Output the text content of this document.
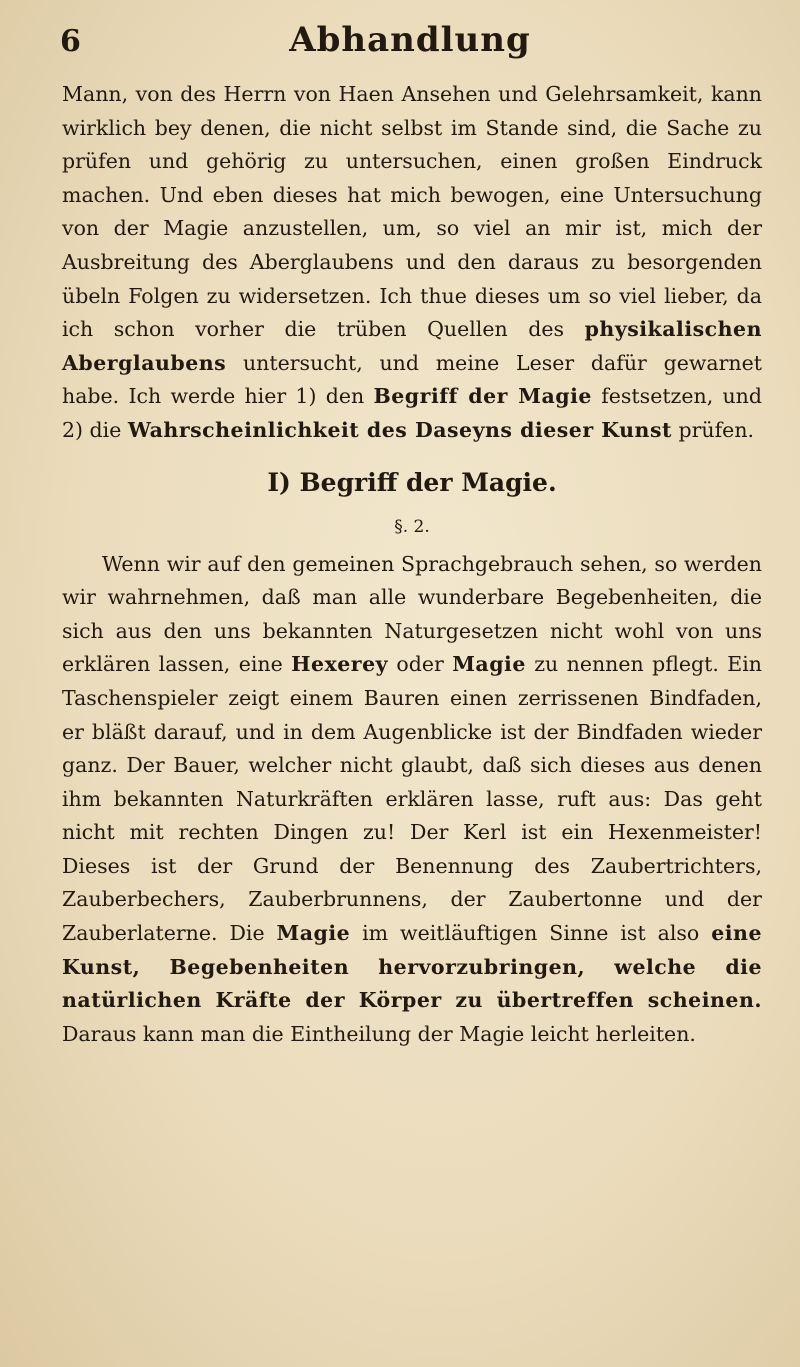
6	Abhandlung

Mann, von des Herrn von Haen Ansehen und Gelehrsamkeit, kann wirklich bey denen, die nicht selbst im Stande sind, die Sache zu prüfen und gehörig zu untersuchen, einen großen Eindruck machen. Und eben dieses hat mich bewogen, eine Untersuchung von der Magie anzustellen, um, so viel an mir ist, mich der Ausbreitung des Aberglaubens und den daraus zu besorgenden übeln Folgen zu widersetzen. Ich thue dieses um so viel lieber, da ich schon vorher die trüben Quellen des physikalischen Aberglaubens untersucht, und meine Leser dafür gewarnet habe. Ich werde hier 1) den Begriff der Magie festsetzen, und 2) die Wahrscheinlichkeit des Daseyns dieser Kunst prüfen.

I) Begriff der Magie.
§. 2.

Wenn wir auf den gemeinen Sprachgebrauch sehen, so werden wir wahrnehmen, daß man alle wunderbare Begebenheiten, die sich aus den uns bekannten Naturgesetzen nicht wohl von uns erklären lassen, eine Hexerey oder Magie zu nennen pflegt. Ein Taschenspieler zeigt einem Bauren einen zerrissenen Bindfaden, er bläßt darauf, und in dem Augenblicke ist der Bindfaden wieder ganz. Der Bauer, welcher nicht glaubt, daß sich dieses aus denen ihm bekannten Naturkräften erklären lasse, ruft aus: Das geht nicht mit rechten Dingen zu! Der Kerl ist ein Hexenmeister! Dieses ist der Grund der Benennung des Zaubertrichters, Zauberbechers, Zauberbrunnens, der Zaubertonne und der Zauberlaterne. Die Magie im weitläuftigen Sinne ist also eine Kunst, Begebenheiten hervorzubringen, welche die natürlichen Kräfte der Körper zu übertreffen scheinen. Daraus kann man die Eintheilung der Magie leicht herleiten.
